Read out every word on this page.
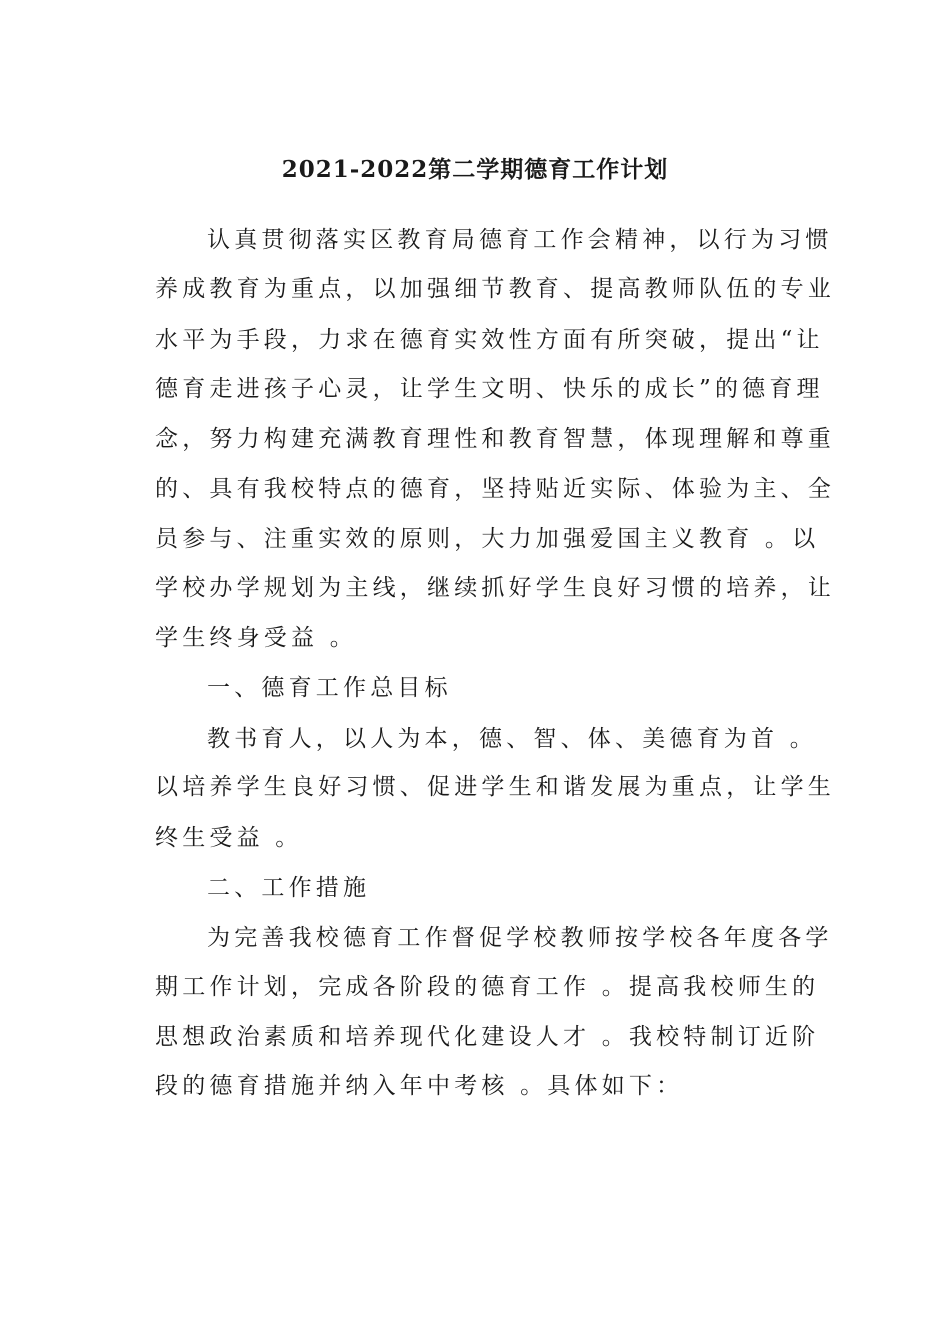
2021-2022第二学期德育工作计划

认真贯彻落实区教育局德育工作会精神，以行为习惯

养成教育为重点，以加强细节教育、提高教师队伍的专业

水平为手段，力求在德育实效性方面有所突破，提出“让

德育走进孩子心灵，让学生文明、快乐的成长”的德育理

念，努力构建充满教育理性和教育智慧，体现理解和尊重

的、具有我校特点的德育，坚持贴近实际、体验为主、全

员参与、注重实效的原则，大力加强爱国主义教育 。以

学校办学规划为主线，继续抓好学生良好习惯的培养，让

学生终身受益 。

一、德育工作总目标

教书育人，以人为本，德、智、体、美德育为首 。

以培养学生良好习惯、促进学生和谐发展为重点，让学生

终生受益 。

二、工作措施

为完善我校德育工作督促学校教师按学校各年度各学

期工作计划，完成各阶段的德育工作 。提高我校师生的

思想政治素质和培养现代化建设人才 。我校特制订近阶

段的德育措施并纳入年中考核 。具体如下：
